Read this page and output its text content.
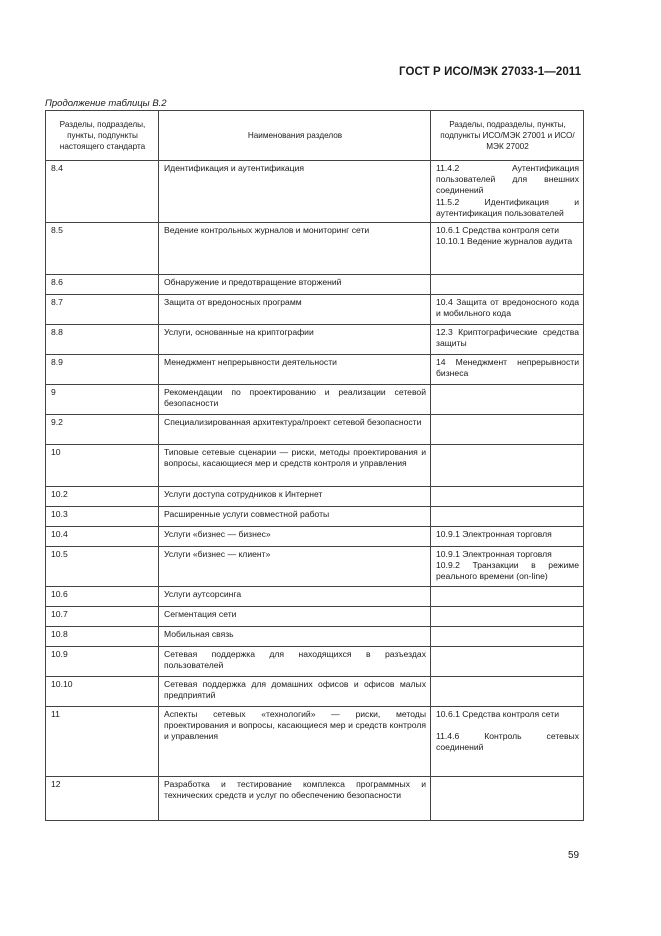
ГОСТ Р ИСО/МЭК 27033-1—2011
Продолжение таблицы В.2
Разделы, подразделы, пункты, подпункты настоящего стандарта	Наименования разделов	Разделы, подразделы, пункты, подпункты ИСО/МЭК 27001 и ИСО/МЭК 27002
8.4	Идентификация и аутентификация	11.4.2 Аутентификация пользователей для внешних соединений
11.5.2 Идентификация и аутентификация пользователей

8.5	Ведение контрольных журналов и мониторинг сети	10.6.1 Средства контроля сети
10.10.1 Ведение журналов аудита

8.6	Обнаружение и предотвращение вторжений	
8.7	Защита от вредоносных программ	10.4 Защита от вредоносного кода и мобильного кода

8.8	Услуги, основанные на криптографии	12.3 Криптографические средства защиты

8.9	Менеджмент непрерывности деятельности	14 Менеджмент непрерывности бизнеса

9	Рекомендации по проектированию и реализации сетевой безопасности	
9.2	Специализированная архитектура/проект сетевой безопасности	
10	Типовые сетевые сценарии — риски, методы проектирования и вопросы, касающиеся мер и средств контроля и управления	
10.2	Услуги доступа сотрудников к Интернет	
10.3	Расширенные услуги совместной работы	
10.4	Услуги «бизнес — бизнес»	10.9.1 Электронная торговля

10.5	Услуги «бизнес — клиент»	10.9.1 Электронная торговля
10.9.2 Транзакции в режиме реального времени (on-line)

10.6	Услуги аутсорсинга	
10.7	Сегментация сети	
10.8	Мобильная связь	
10.9	Сетевая поддержка для находящихся в разъездах пользователей	
10.10	Сетевая поддержка для домашних офисов и офисов малых предприятий	
11	Аспекты сетевых «технологий» — риски, методы проектирования и вопросы, касающиеся мер и средств контроля и управления	10.6.1 Средства контроля сети
11.4.6 Контроль сетевых соединений

12	Разработка и тестирование комплекса программных и технических средств и услуг по обеспечению безопасности	
59
